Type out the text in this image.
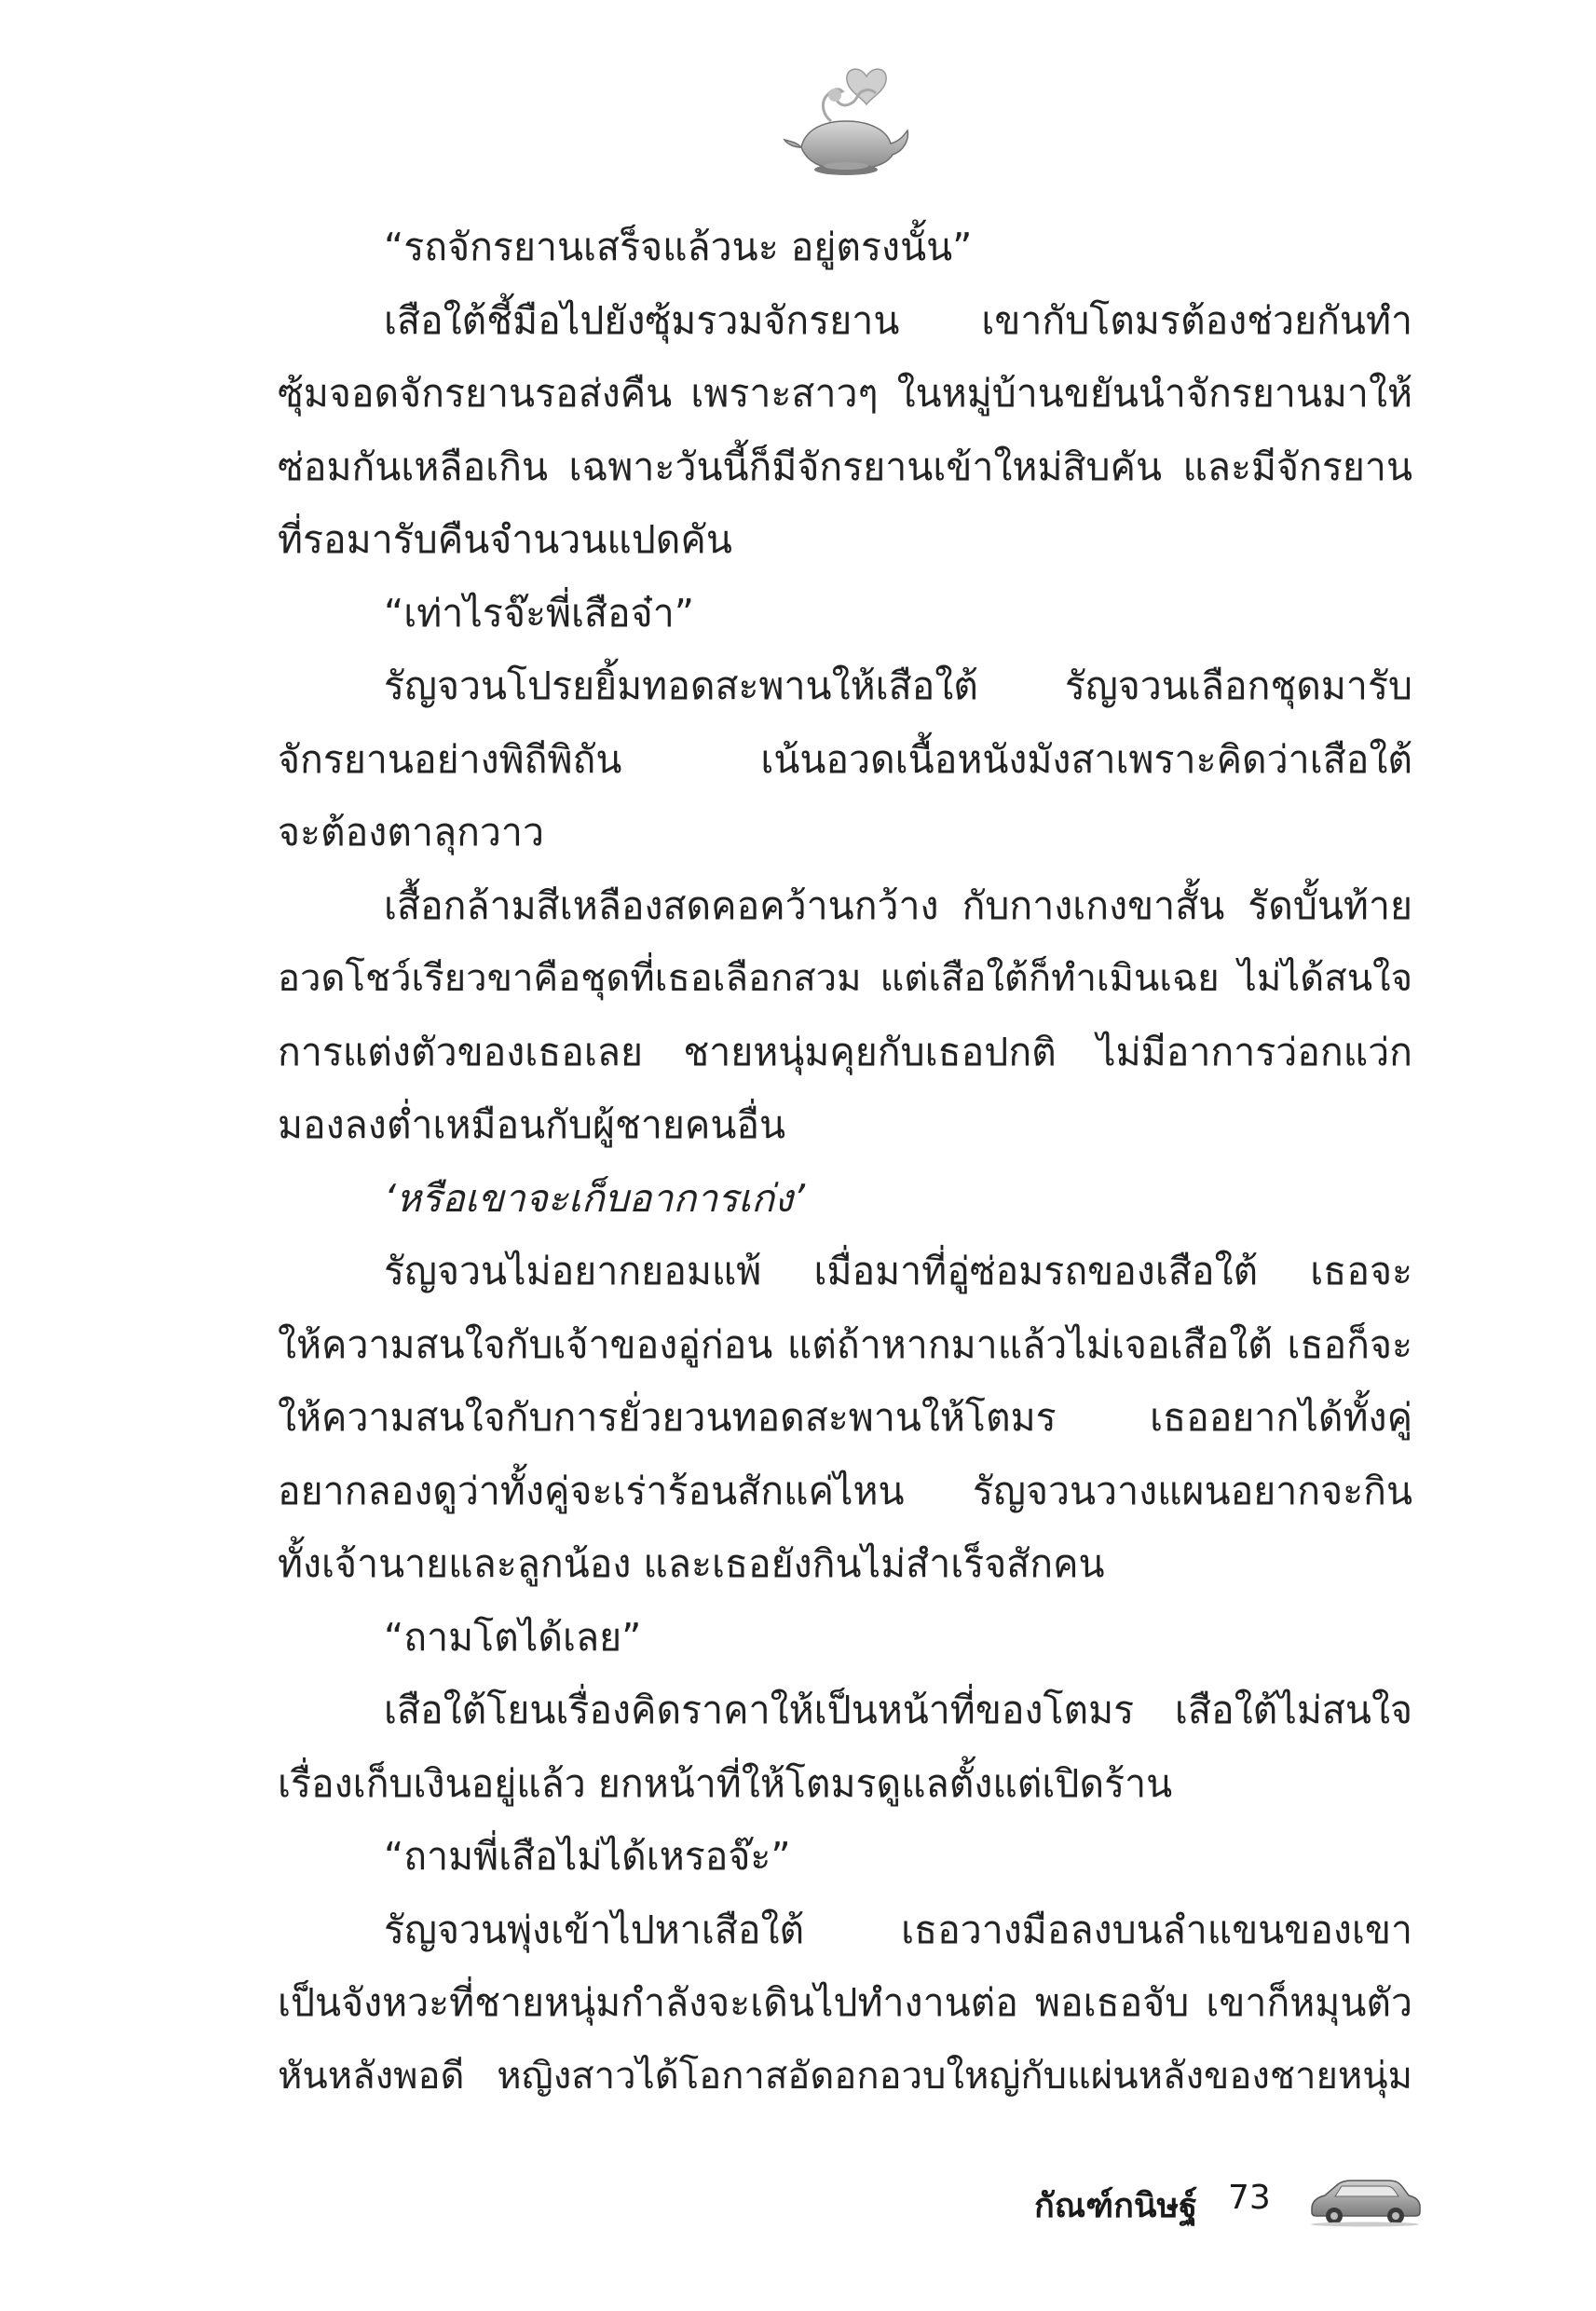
“รถจักรยานเสร็จแล้วนะ อยู่ตรงนั้น”
เสือใต้ชี้มือไปยังซุ้มรวมจักรยาน เขากับโตมรต้องช่วยกันทำ
ซุ้มจอดจักรยานรอส่งคืน เพราะสาวๆ ในหมู่บ้านขยันนำจักรยานมาให้
ซ่อมกันเหลือเกิน เฉพาะวันนี้ก็มีจักรยานเข้าใหม่สิบคัน และมีจักรยาน
ที่รอมารับคืนจำนวนแปดคัน
“เท่าไรจ๊ะพี่เสือจ๋า”
รัญจวนโปรยยิ้มทอดสะพานให้เสือใต้ รัญจวนเลือกชุดมารับ
จักรยานอย่างพิถีพิถัน เน้นอวดเนื้อหนังมังสาเพราะคิดว่าเสือใต้
จะต้องตาลุกวาว
เสื้อกล้ามสีเหลืองสดคอคว้านกว้าง กับกางเกงขาสั้น รัดบั้นท้าย
อวดโชว์เรียวขาคือชุดที่เธอเลือกสวม แต่เสือใต้ก็ทำเมินเฉย ไม่ได้สนใจ
การแต่งตัวของเธอเลย ชายหนุ่มคุยกับเธอปกติ ไม่มีอาการว่อกแว่ก
มองลงต่ำเหมือนกับผู้ชายคนอื่น
‘หรือเขาจะเก็บอาการเก่ง’
รัญจวนไม่อยากยอมแพ้ เมื่อมาที่อู่ซ่อมรถของเสือใต้ เธอจะ
ให้ความสนใจกับเจ้าของอู่ก่อน แต่ถ้าหากมาแล้วไม่เจอเสือใต้ เธอก็จะ
ให้ความสนใจกับการยั่วยวนทอดสะพานให้โตมร เธออยากได้ทั้งคู่
อยากลองดูว่าทั้งคู่จะเร่าร้อนสักแค่ไหน รัญจวนวางแผนอยากจะกิน
ทั้งเจ้านายและลูกน้อง และเธอยังกินไม่สำเร็จสักคน
“ถามโตได้เลย”
เสือใต้โยนเรื่องคิดราคาให้เป็นหน้าที่ของโตมร เสือใต้ไม่สนใจ
เรื่องเก็บเงินอยู่แล้ว ยกหน้าที่ให้โตมรดูแลตั้งแต่เปิดร้าน
“ถามพี่เสือไม่ได้เหรอจ๊ะ”
รัญจวนพุ่งเข้าไปหาเสือใต้ เธอวางมือลงบนลำแขนของเขา
เป็นจังหวะที่ชายหนุ่มกำลังจะเดินไปทำงานต่อ พอเธอจับ เขาก็หมุนตัว
หันหลังพอดี หญิงสาวได้โอกาสอัดอกอวบใหญ่กับแผ่นหลังของชายหนุ่ม
กัณฑ์กนิษฐ์ 73
